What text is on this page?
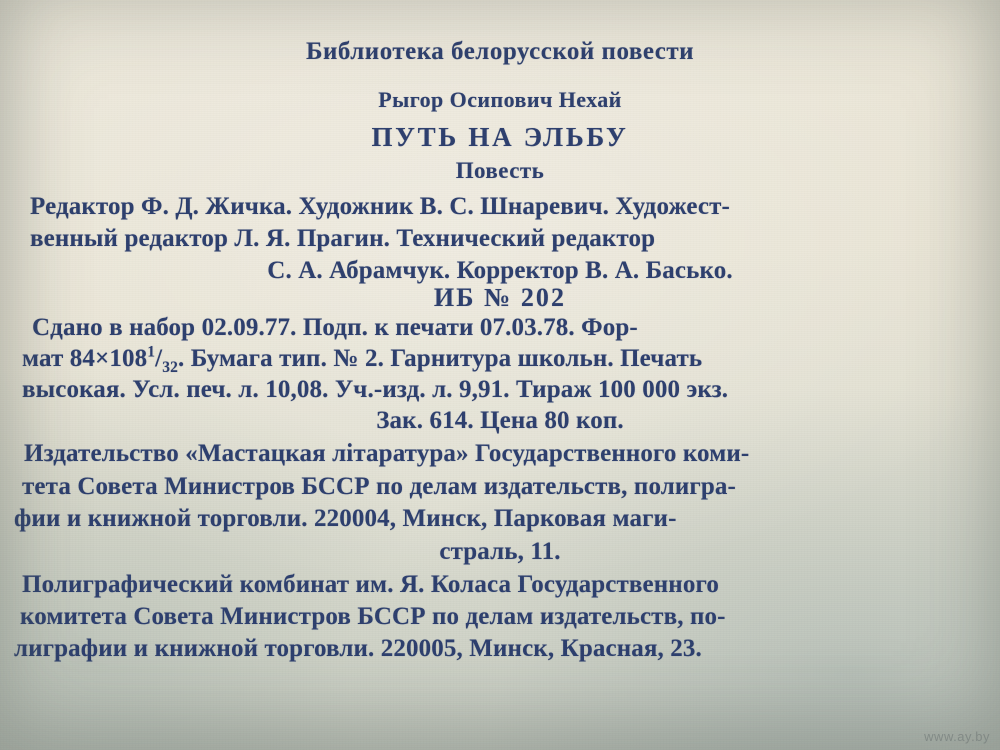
Библиотека белорусской повести
Рыгор Осипович Нехай
ПУТЬ НА ЭЛЬБУ
Повесть
Редактор Ф. Д. Жичка. Художник В. С. Шнаревич. Художест-
венный редактор Л. Я. Прагин. Технический редактор
С. А. Абрамчук. Корректор В. А. Басько.
ИБ № 202
Сдано в набор 02.09.77. Подп. к печати 07.03.78. Фор-
мат $84\times 108^1/_{32}$. Бумага тип. № 2. Гарнитура школьн. Печать
высокая. Усл. печ. л. 10,08. Уч.-изд. л. 9,91. Тираж 100 000 экз.
Зак. 614. Цена 80 коп.
Издательство «Мастацкая літаратура» Государственного коми-
тета Совета Министров БССР по делам издательств, полигра-
фии и книжной торговли. 220004, Минск, Парковая маги-
страль, 11.
Полиграфический комбинат им. Я. Коласа Государственного
комитета Совета Министров БССР по делам издательств, по-
лиграфии и книжной торговли. 220005, Минск, Красная, 23.
www.ay.by
